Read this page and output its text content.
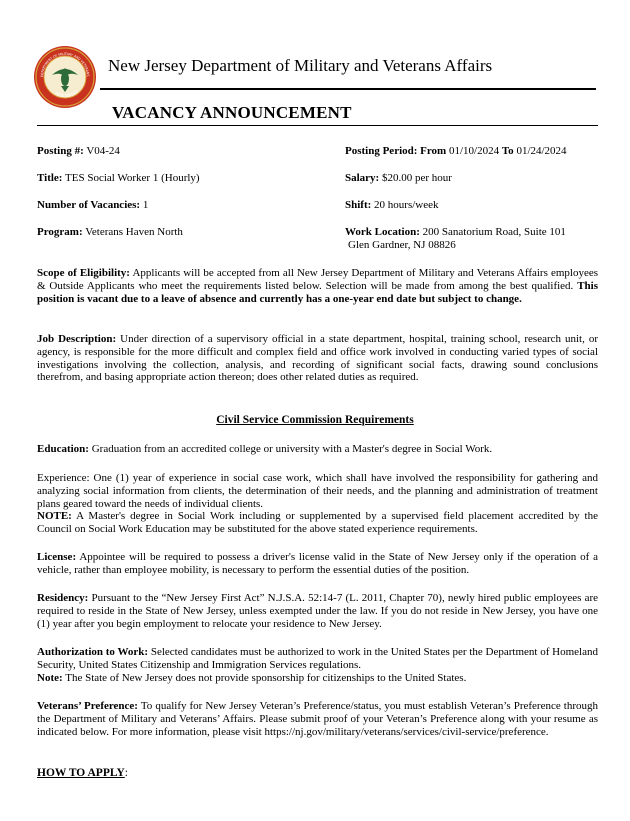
DEPARTMENT OF MILITARY AND VETERANS
NEW JERSEY
New Jersey Department of Military and Veterans Affairs
VACANCY ANNOUNCEMENT
Posting #: V04-24	Posting Period: From 01/10/2024 To 01/24/2024
Title: TES Social Worker 1 (Hourly)	Salary: $20.00 per hour
Number of Vacancies: 1	Shift: 20 hours/week
Program: Veterans Haven North	Work Location: 200 Sanatorium Road, Suite 101
Glen Gardner, NJ 08826
Scope of Eligibility: Applicants will be accepted from all New Jersey Department of Military and Veterans Affairs employees & Outside Applicants who meet the requirements listed below. Selection will be made from among the best qualified. This position is vacant due to a leave of absence and currently has a one-year end date but subject to change.
Job Description: Under direction of a supervisory official in a state department, hospital, training school, research unit, or agency, is responsible for the more difficult and complex field and office work involved in conducting varied types of social investigations involving the collection, analysis, and recording of significant social facts, drawing sound conclusions therefrom, and basing appropriate action thereon; does other related duties as required.
Civil Service Commission Requirements
Education: Graduation from an accredited college or university with a Master's degree in Social Work.
Experience: One (1) year of experience in social case work, which shall have involved the responsibility for gathering and analyzing social information from clients, the determination of their needs, and the planning and administration of treatment plans geared toward the needs of individual clients.
NOTE: A Master's degree in Social Work including or supplemented by a supervised field placement accredited by the Council on Social Work Education may be substituted for the above stated experience requirements.
License: Appointee will be required to possess a driver's license valid in the State of New Jersey only if the operation of a vehicle, rather than employee mobility, is necessary to perform the essential duties of the position.
Residency: Pursuant to the “New Jersey First Act” N.J.S.A. 52:14-7 (L. 2011, Chapter 70), newly hired public employees are required to reside in the State of New Jersey, unless exempted under the law. If you do not reside in New Jersey, you have one (1) year after you begin employment to relocate your residence to New Jersey.
Authorization to Work: Selected candidates must be authorized to work in the United States per the Department of Homeland Security, United States Citizenship and Immigration Services regulations.
Note: The State of New Jersey does not provide sponsorship for citizenships to the United States.
Veterans’ Preference: To qualify for New Jersey Veteran’s Preference/status, you must establish Veteran’s Preference through the Department of Military and Veterans’ Affairs. Please submit proof of your Veteran’s Preference along with your resume as indicated below. For more information, please visit https://nj.gov/military/veterans/services/civil-service/preference.
HOW TO APPLY:
